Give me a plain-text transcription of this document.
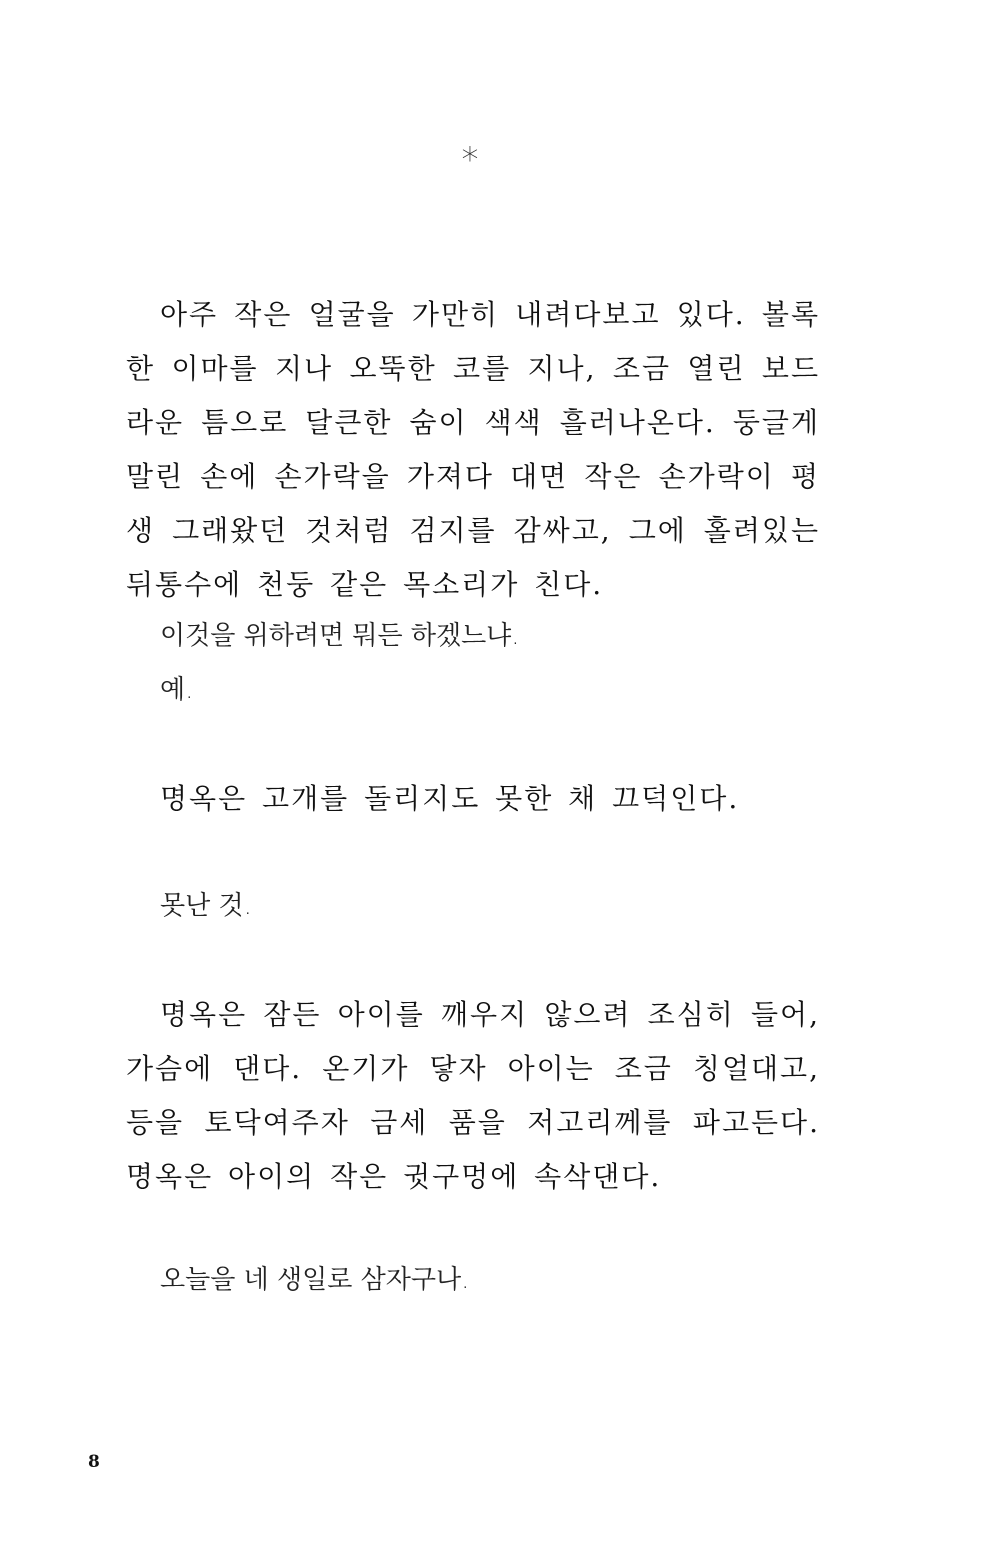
*

아주 작은 얼굴을 가만히 내려다보고 있다. 볼록한 이마를 지나 오뚝한 코를 지나, 조금 열린 보드라운 틈으로 달큰한 숨이 색색 흘러나온다. 둥글게 말린 손에 손가락을 가져다 대면 작은 손가락이 평생 그래왔던 것처럼 검지를 감싸고, 그에 홀려있는 뒤통수에 천둥 같은 목소리가 친다.

이것을 위하려면 뭐든 하겠느냐.

예.

명옥은 고개를 돌리지도 못한 채 끄덕인다.

못난 것.

명옥은 잠든 아이를 깨우지 않으려 조심히 들어, 가슴에 댄다. 온기가 닿자 아이는 조금 칭얼대고, 등을 토닥여주자 금세 품을 저고리께를 파고든다. 명옥은 아이의 작은 귓구멍에 속삭댄다.

오늘을 네 생일로 삼자구나.

8
